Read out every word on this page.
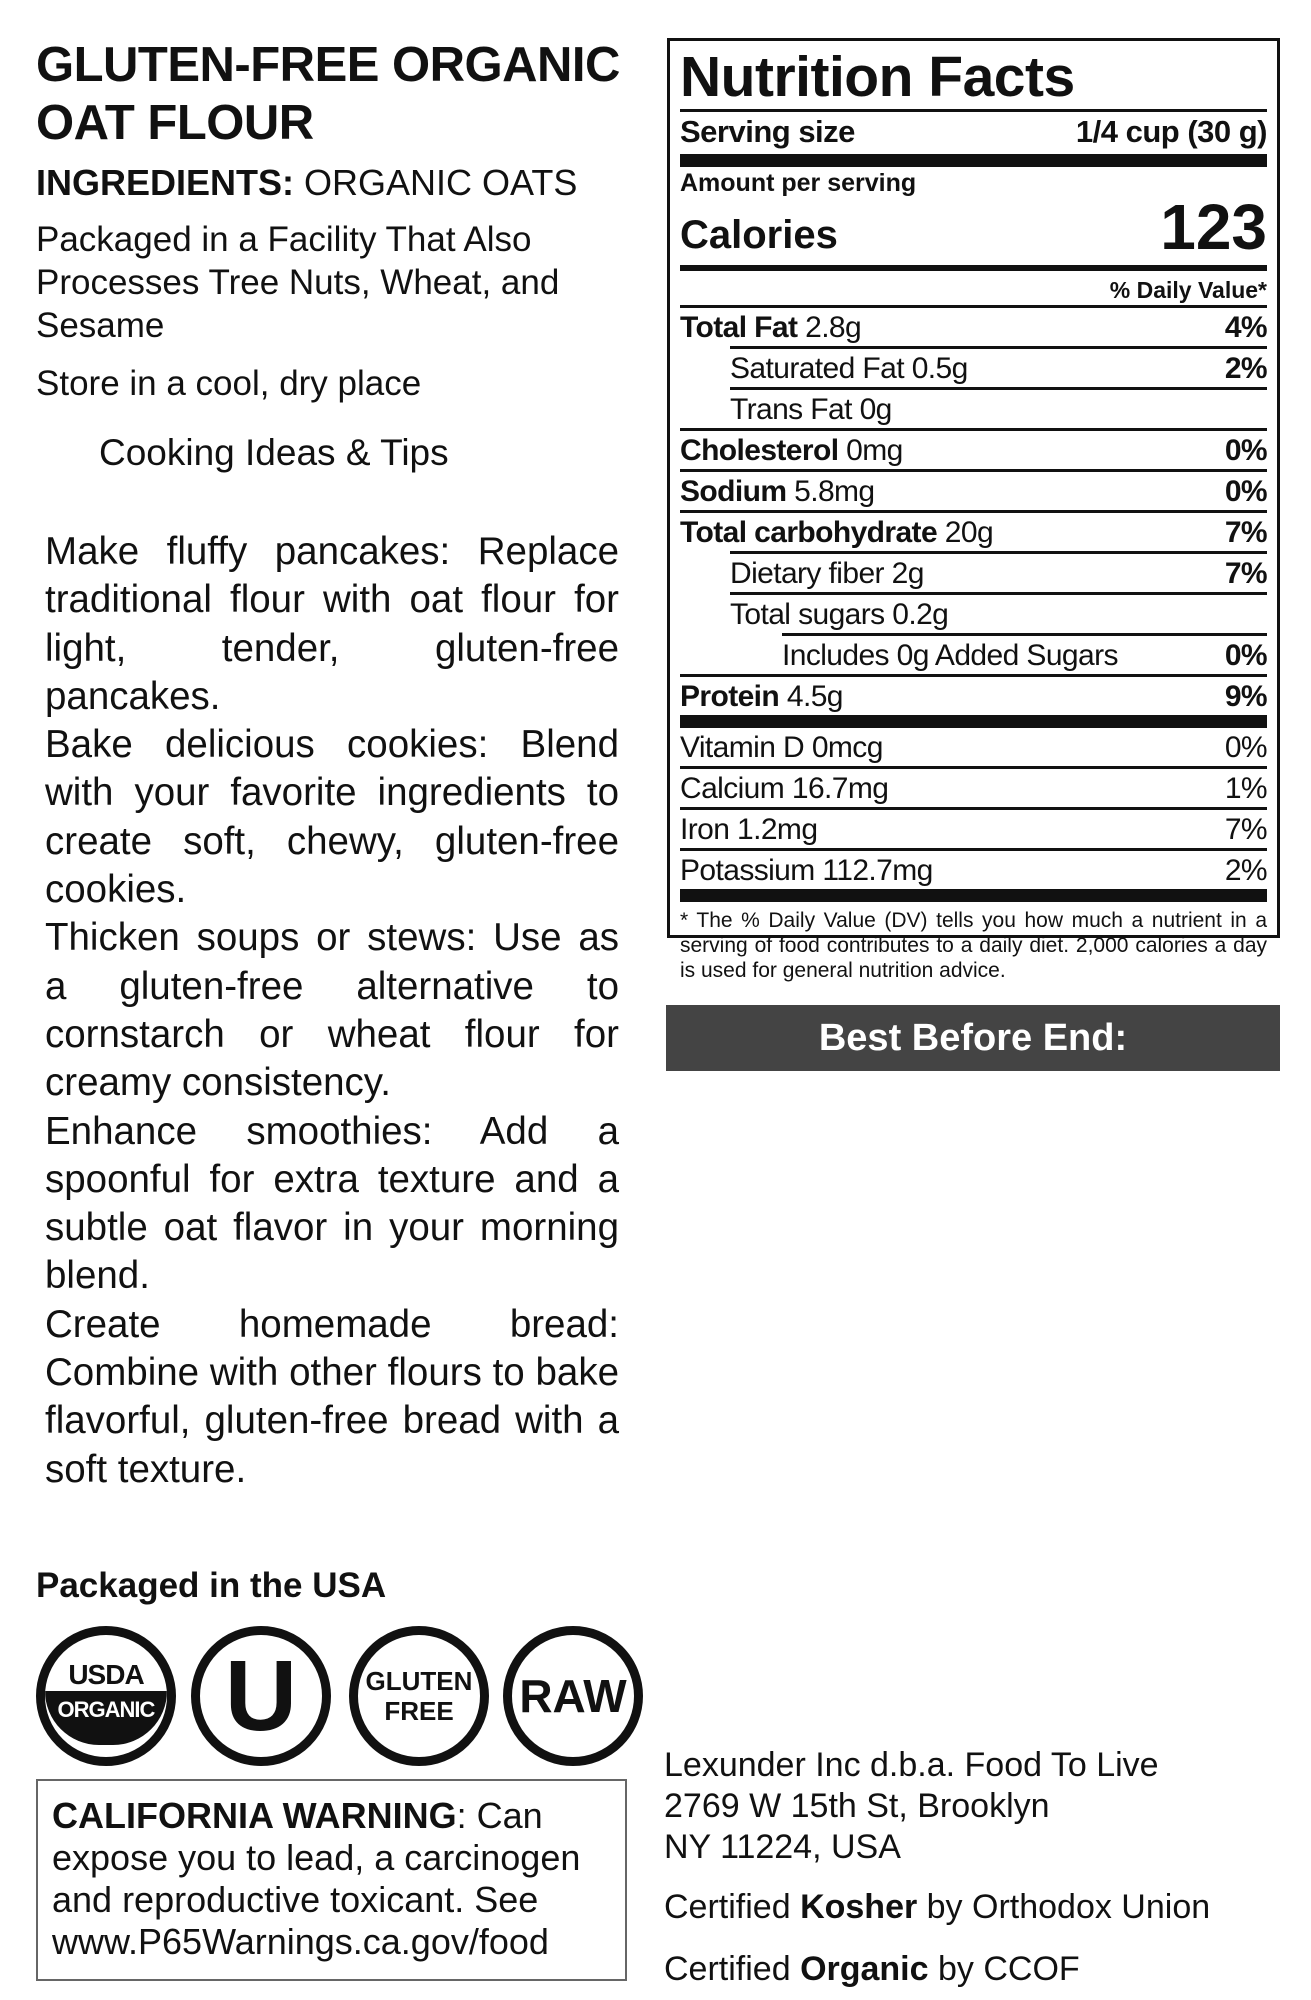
GLUTEN-FREE ORGANIC
OAT FLOUR
INGREDIENTS: ORGANIC OATS
Packaged in a Facility That Also Processes Tree Nuts, Wheat, and Sesame
Store in a cool, dry place
Cooking Ideas & Tips

Make fluffy pancakes: Replace traditional flour with oat flour for light, tender, gluten-free pancakes.

Bake delicious cookies: Blend with your favorite ingredients to create soft, chewy, gluten-free cookies.

Thicken soups or stews: Use as a gluten-free alternative to cornstarch or wheat flour for creamy consistency.

Enhance smoothies: Add a spoonful for extra texture and a subtle oat flavor in your morning blend.

Create homemade bread: Combine with other flours to bake flavorful, gluten-free bread with a soft texture.

Packaged in the USA
USDA
ORGANIC U	GLUTEN
FREE RAW
CALIFORNIA WARNING: Can expose you to lead, a carcinogen and reproductive toxicant. See www.P65Warnings.ca.gov/food
Nutrition Facts
Serving size	1/4 cup (30 g)
Amount per serving
Calories	123
% Daily Value*
Total Fat 2.8g	4%
Saturated Fat 0.5g	2%
Trans Fat 0g
Cholesterol 0mg	0%
Sodium 5.8mg	0%
Total carbohydrate 20g	7%
Dietary fiber 2g	7%
Total sugars 0.2g
Includes 0g Added Sugars	0%
Protein 4.5g	9%
Vitamin D 0mcg	0%
Calcium 16.7mg	1%
Iron 1.2mg	7%
Potassium 112.7mg	2%
* The % Daily Value (DV) tells you how much a nutrient in a serving of food contributes to a daily diet. 2,000 calories a day is used for general nutrition advice.
Best Before End:
Lexunder Inc d.b.a. Food To Live
2769 W 15th St, Brooklyn
NY 11224, USA
Certified Kosher by Orthodox Union
Certified Organic by CCOF
